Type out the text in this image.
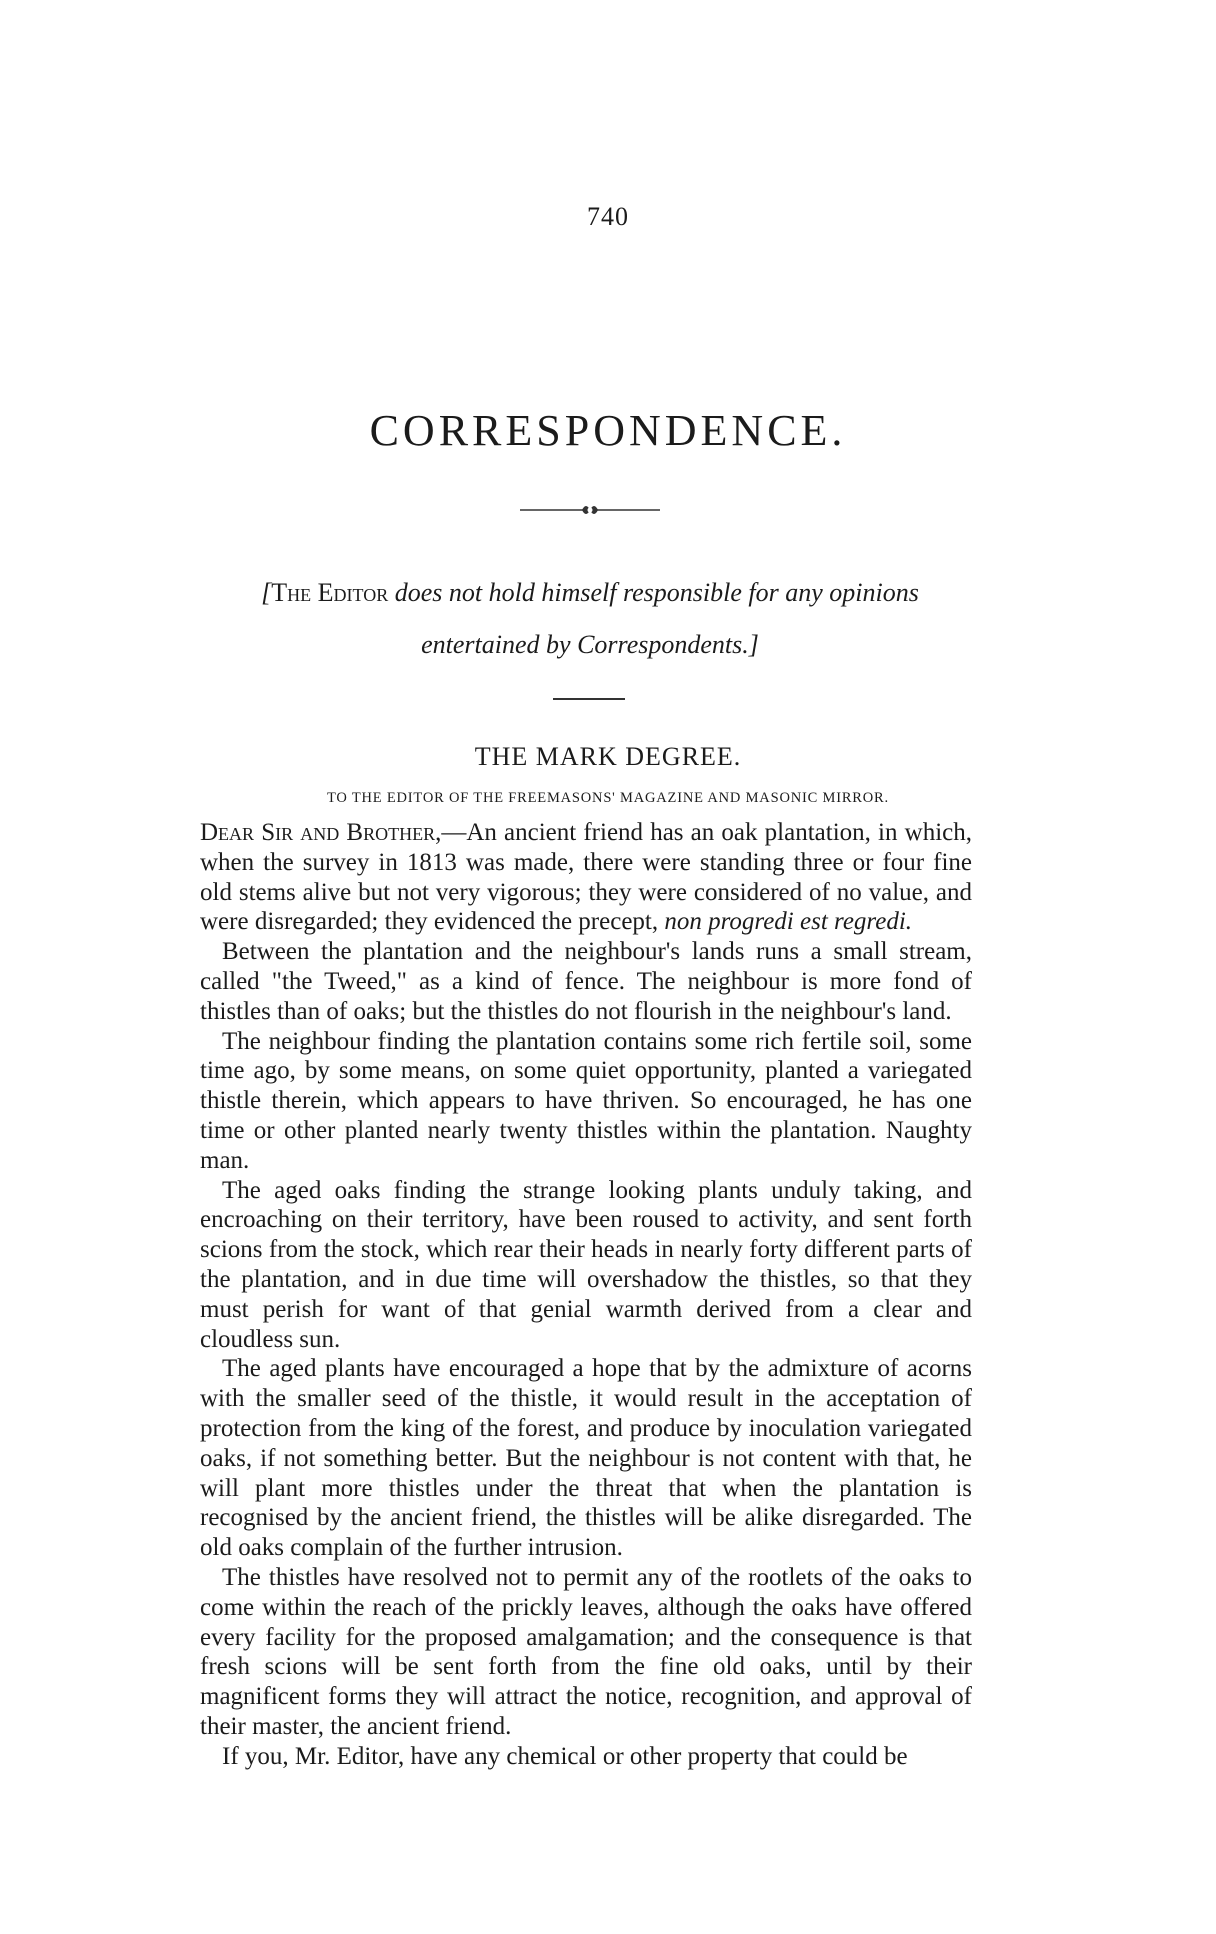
740
CORRESPONDENCE.
[The Editor does not hold himself responsible for any opinions
entertained by Correspondents.]
THE MARK DEGREE.
TO THE EDITOR OF THE FREEMASONS' MAGAZINE AND MASONIC MIRROR.

Dear Sir and Brother,—An ancient friend has an oak plantation, in which, when the survey in 1813 was made, there were standing three or four fine old stems alive but not very vigorous; they were considered of no value, and were disregarded; they evidenced the precept, non progredi est regredi.

Between the plantation and the neighbour's lands runs a small stream, called "the Tweed," as a kind of fence. The neighbour is more fond of thistles than of oaks; but the thistles do not flourish in the neighbour's land.

The neighbour finding the plantation contains some rich fertile soil, some time ago, by some means, on some quiet opportunity, planted a variegated thistle therein, which appears to have thriven. So encouraged, he has one time or other planted nearly twenty thistles within the plantation. Naughty man.

The aged oaks finding the strange looking plants unduly taking, and encroaching on their territory, have been roused to activity, and sent forth scions from the stock, which rear their heads in nearly forty different parts of the plantation, and in due time will overshadow the thistles, so that they must perish for want of that genial warmth derived from a clear and cloudless sun.

The aged plants have encouraged a hope that by the admixture of acorns with the smaller seed of the thistle, it would result in the acceptation of protection from the king of the forest, and produce by inoculation variegated oaks, if not something better. But the neighbour is not content with that, he will plant more thistles under the threat that when the plantation is recognised by the ancient friend, the thistles will be alike disregarded. The old oaks complain of the further intrusion.

The thistles have resolved not to permit any of the rootlets of the oaks to come within the reach of the prickly leaves, although the oaks have offered every facility for the proposed amalgamation; and the consequence is that fresh scions will be sent forth from the fine old oaks, until by their magnificent forms they will attract the notice, recognition, and approval of their master, the ancient friend.

If you, Mr. Editor, have any chemical or other property that could be
